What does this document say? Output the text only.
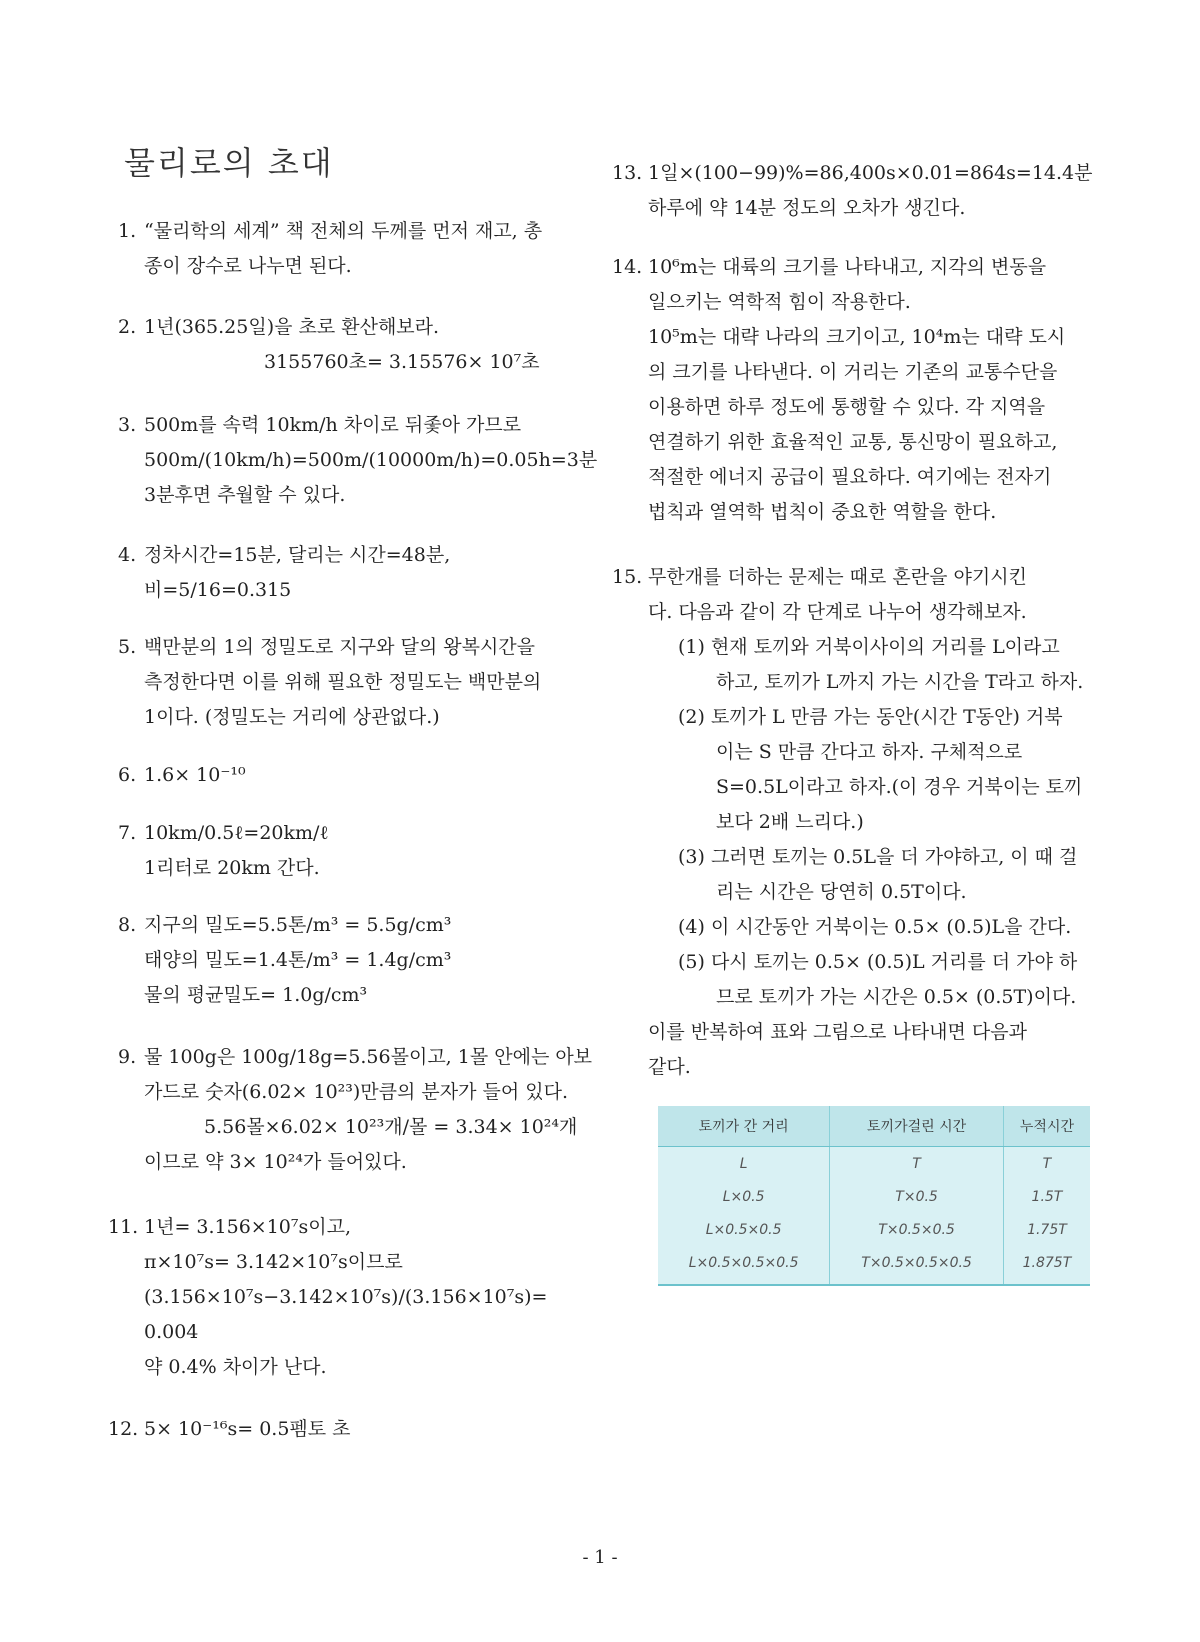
물리로의 초대
1. “물리학의 세계” 책 전체의 두께를 먼저 재고, 총
종이 장수로 나누면 된다.
2. 1년(365.25일)을 초로 환산해보라.
3155760초= 3.15576× 10⁷초
3. 500m를 속력 10km/h 차이로 뒤좇아 가므로
500m/(10km/h)=500m/(10000m/h)=0.05h=3분
3분후면 추월할 수 있다.
4. 정차시간=15분, 달리는 시간=48분,
비=5/16=0.315
5. 백만분의 1의 정밀도로 지구와 달의 왕복시간을
측정한다면 이를 위해 필요한 정밀도는 백만분의
1이다. (정밀도는 거리에 상관없다.)
6. 1.6× 10⁻¹⁰
7. 10km/0.5ℓ=20km/ℓ
1리터로 20km 간다.
8. 지구의 밀도=5.5톤/m³ = 5.5g/cm³
태양의 밀도=1.4톤/m³ = 1.4g/cm³
물의 평균밀도= 1.0g/cm³
9. 물 100g은 100g/18g=5.56몰이고, 1몰 안에는 아보
가드로 숫자(6.02× 10²³)만큼의 분자가 들어 있다.
5.56몰×6.02× 10²³개/몰 = 3.34× 10²⁴개
이므로 약 3× 10²⁴가 들어있다.
11. 1년= 3.156×10⁷s이고,
π×10⁷s= 3.142×10⁷s이므로
(3.156×10⁷s−3.142×10⁷s)/(3.156×10⁷s)=
0.004
약 0.4% 차이가 난다.
12. 5× 10⁻¹⁶s= 0.5펨토 초
13. 1일×(100−99)%=86,400s×0.01=864s=14.4분
하루에 약 14분 정도의 오차가 생긴다.
14. 10⁶m는 대륙의 크기를 나타내고, 지각의 변동을
일으키는 역학적 힘이 작용한다.
10⁵m는 대략 나라의 크기이고, 10⁴m는 대략 도시
의 크기를 나타낸다. 이 거리는 기존의 교통수단을
이용하면 하루 정도에 통행할 수 있다. 각 지역을
연결하기 위한 효율적인 교통, 통신망이 필요하고,
적절한 에너지 공급이 필요하다. 여기에는 전자기
법칙과 열역학 법칙이 중요한 역할을 한다.
15. 무한개를 더하는 문제는 때로 혼란을 야기시킨
다. 다음과 같이 각 단계로 나누어 생각해보자.
(1) 현재 토끼와 거북이사이의 거리를 L이라고
하고, 토끼가 L까지 가는 시간을 T라고 하자.
(2) 토끼가 L 만큼 가는 동안(시간 T동안) 거북
이는 S 만큼 간다고 하자. 구체적으로
S=0.5L이라고 하자.(이 경우 거북이는 토끼
보다 2배 느리다.)
(3) 그러면 토끼는 0.5L을 더 가야하고, 이 때 걸
리는 시간은 당연히 0.5T이다.
(4) 이 시간동안 거북이는 0.5× (0.5)L을 간다.
(5) 다시 토끼는 0.5× (0.5)L 거리를 더 가야 하
므로 토끼가 가는 시간은 0.5× (0.5T)이다.
이를 반복하여 표와 그림으로 나타내면 다음과
같다.
토끼가 간 거리	토끼가걸린 시간	누적시간
L	T	T
L×0.5	T×0.5	1.5T
L×0.5×0.5	T×0.5×0.5	1.75T
L×0.5×0.5×0.5	T×0.5×0.5×0.5	1.875T
- 1 -
